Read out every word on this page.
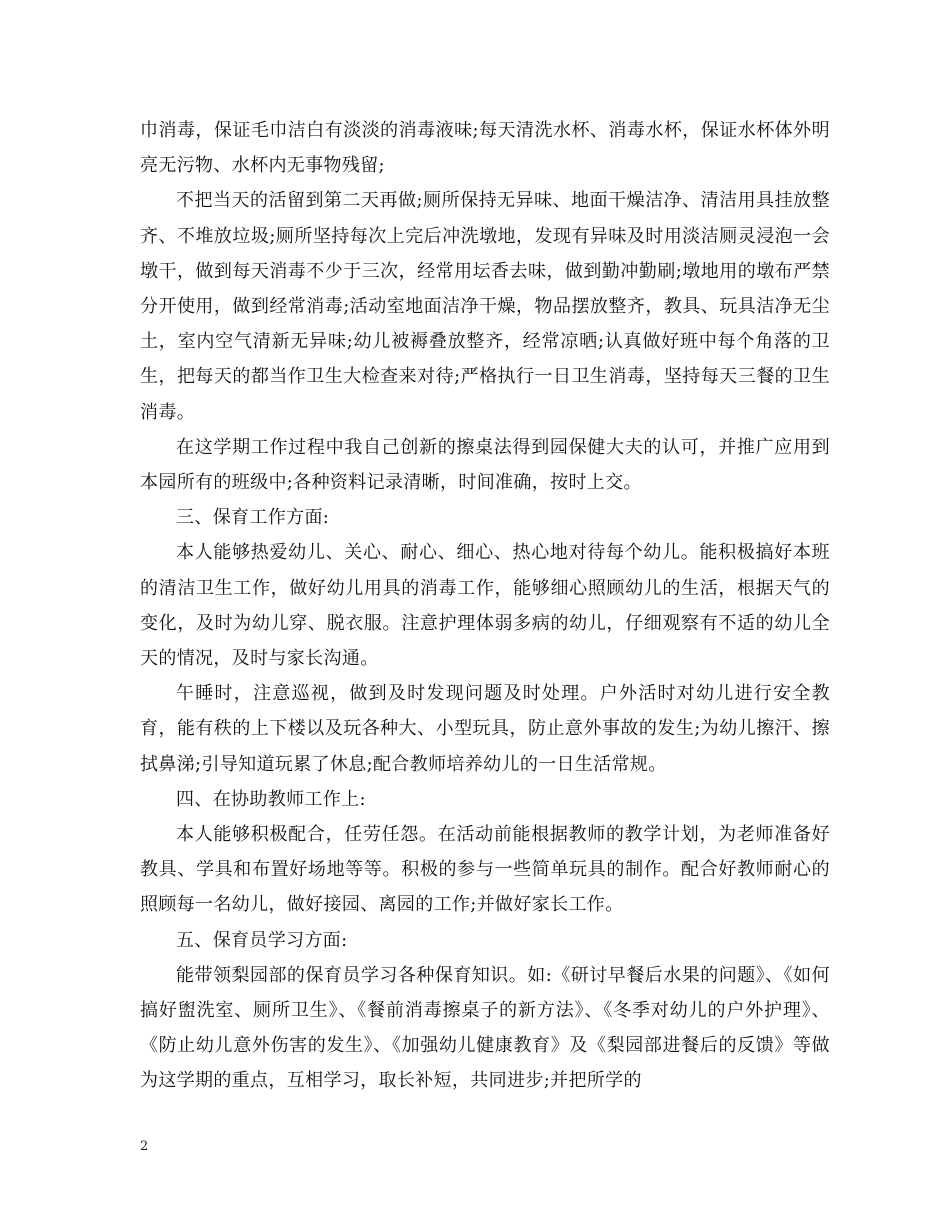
巾消毒，保证毛巾洁白有淡淡的消毒液味;每天清洗水杯、消毒水杯，保证水杯体外明亮无污物、水杯内无事物残留;

不把当天的活留到第二天再做;厕所保持无异味、地面干燥洁净、清洁用具挂放整齐、不堆放垃圾;厕所坚持每次上完后冲洗墩地，发现有异味及时用淡洁厕灵浸泡一会墩干，做到每天消毒不少于三次，经常用坛香去味，做到勤冲勤刷;墩地用的墩布严禁分开使用，做到经常消毒;活动室地面洁净干燥，物品摆放整齐，教具、玩具洁净无尘土，室内空气清新无异味;幼儿被褥叠放整齐，经常凉晒;认真做好班中每个角落的卫生，把每天的都当作卫生大检查来对待;严格执行一日卫生消毒，坚持每天三餐的卫生消毒。

在这学期工作过程中我自己创新的擦桌法得到园保健大夫的认可，并推广应用到本园所有的班级中;各种资料记录清晰，时间准确，按时上交。

三、保育工作方面:

本人能够热爱幼儿、关心、耐心、细心、热心地对待每个幼儿。能积极搞好本班的清洁卫生工作，做好幼儿用具的消毒工作，能够细心照顾幼儿的生活，根据天气的变化，及时为幼儿穿、脱衣服。注意护理体弱多病的幼儿，仔细观察有不适的幼儿全天的情况，及时与家长沟通。

午睡时，注意巡视，做到及时发现问题及时处理。户外活时对幼儿进行安全教育，能有秩的上下楼以及玩各种大、小型玩具，防止意外事故的发生;为幼儿擦汗、擦拭鼻涕;引导知道玩累了休息;配合教师培养幼儿的一日生活常规。

四、在协助教师工作上:

本人能够积极配合，任劳任怨。在活动前能根据教师的教学计划，为老师准备好教具、学具和布置好场地等等。积极的参与一些简单玩具的制作。配合好教师耐心的照顾每一名幼儿，做好接园、离园的工作;并做好家长工作。

五、保育员学习方面:

能带领梨园部的保育员学习各种保育知识。如:《研讨早餐后水果的问题》、《如何搞好盥洗室、厕所卫生》、《餐前消毒擦桌子的新方法》、《冬季对幼儿的户外护理》、《防止幼儿意外伤害的发生》、《加强幼儿健康教育》及《梨园部进餐后的反馈》等做为这学期的重点，互相学习，取长补短，共同进步;并把所学的

2
